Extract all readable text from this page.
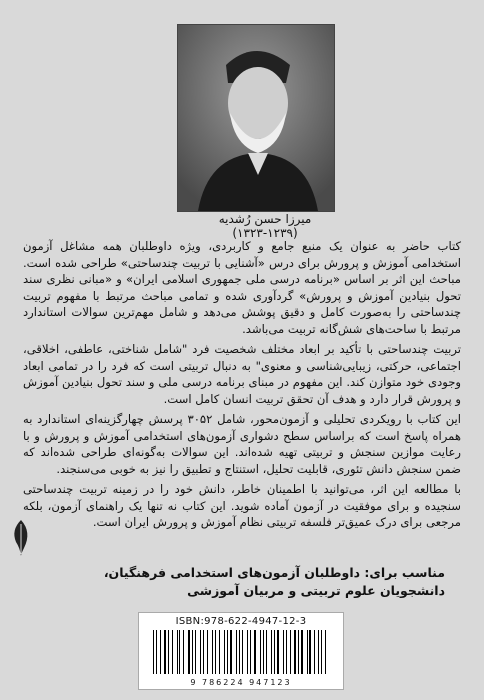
میرزا حسن رُشدیه (۱۲۳۹-۱۳۲۳)

کتاب حاضر به عنوان یک منبع جامع و کاربردی، ویژه داوطلبان همه مشاغل آزمون استخدامی آموزش و پرورش برای درس «آشنایی با تربیت چندساحتی» طراحی شده است. مباحث این اثر بر اساس «برنامه درسی ملی جمهوری اسلامی ایران» و «مبانی نظری سند تحول بنیادین آموزش و پرورش» گردآوری شده و تمامی مباحث مرتبط با مفهوم تربیت چندساحتی را به‌صورت کامل و دقیق پوشش می‌دهد و شامل مهم‌ترین سوالات استاندارد مرتبط با ساحت‌های شش‌گانه تربیت می‌باشد.

تربیت چندساحتی با تأکید بر ابعاد مختلف شخصیت فرد "شامل شناختی، عاطفی، اخلاقی، اجتماعی، حرکتی، زیبایی‌شناسی و معنوی" به دنبال تربیتی است که فرد را در تمامی ابعاد وجودی خود متوازن کند. این مفهوم در مبنای برنامه درسی ملی و سند تحول بنیادین آموزش و پرورش قرار دارد و هدف آن تحقق تربیت انسان کامل است.

این کتاب با رویکردی تحلیلی و آزمون‌محور، شامل ۳۰۵۲ پرسش چهارگزینه‌ای استاندارد به همراه پاسخ است که براساس سطح دشواری آزمون‌های استخدامی آموزش و پرورش و با رعایت موازین سنجش و تربیتی تهیه شده‌اند. این سوالات به‌گونه‌ای طراحی شده‌اند که ضمن سنجش دانش تئوری، قابلیت تحلیل، استنتاج و تطبیق را نیز به خوبی می‌سنجند.

با مطالعه این اثر، می‌توانید با اطمینان خاطر، دانش خود را در زمینه تربیت چندساحتی سنجیده و برای موفقیت در آزمون آماده شوید. این کتاب نه تنها یک راهنمای آزمون، بلکه مرجعی برای درک عمیق‌تر فلسفه تربیتی نظام آموزش و پرورش ایران است.

مناسب برای: داوطلبان آزمون‌های استخدامی فرهنگیان، دانشجویان علوم تربیتی و مربیان آموزشی
ISBN:978-622-4947-12-3
9 786224 947123
